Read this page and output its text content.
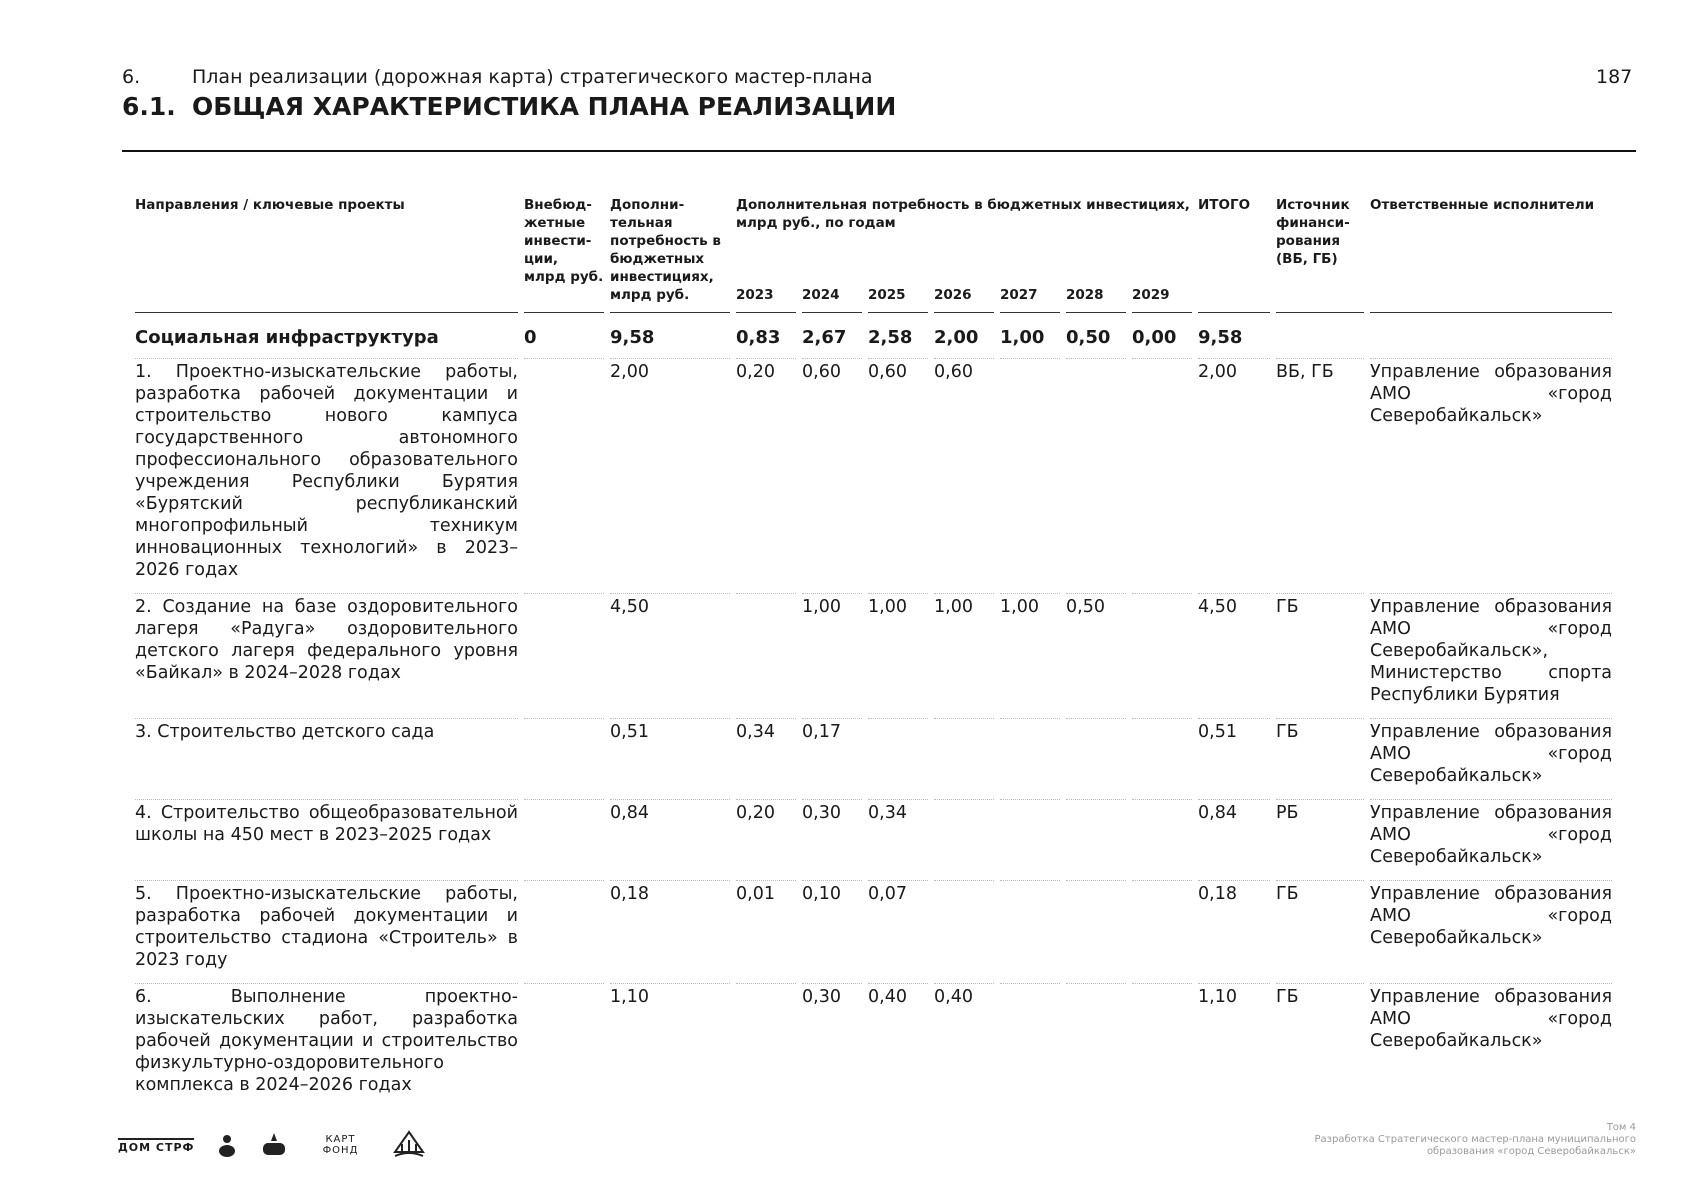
6.	План реализации (дорожная карта) стратегического мастер-плана
6.1. ОБЩАЯ ХАРАКТЕРИСТИКА ПЛАНА РЕАЛИЗАЦИИ
187
Направления / ключевые проекты	Внебюд-жетные инвести-ции, млрд руб.	Дополни-тельная потребность в бюджетных инвестициях, млрд руб.	Дополнительная потребность в бюджетных инвестициях, млрд руб., по годам							ИТОГО	Источник финанси-рования (ВБ, ГБ)	Ответственные исполнители
			2023	2024	2025	2026	2027	2028	2029			
Социальная инфраструктура	0	9,58	0,83	2,67	2,58	2,00	1,00	0,50	0,00	9,58		
1. Проектно-изыскательские работы, разработка рабочей документации и строительство нового кампуса государственного автономного профессионального образовательного учреждения Республики Бурятия «Бурятский республиканский многопрофильный техникум инновационных технологий» в 2023–2026 годах		2,00	0,20	0,60	0,60	0,60				2,00	ВБ, ГБ	Управление образования АМО «город Северобайкальск»
2. Создание на базе оздоровительного лагеря «Радуга» оздоровительного детского лагеря федерального уровня «Байкал» в 2024–2028 годах		4,50		1,00	1,00	1,00	1,00	0,50		4,50	ГБ	Управление образования АМО «город Северобайкальск», Министерство спорта Республики Бурятия
3. Строительство детского сада		0,51	0,34	0,17						0,51	ГБ	Управление образования АМО «город Северобайкальск»
4. Строительство общеобразовательной школы на 450 мест в 2023–2025 годах		0,84	0,20	0,30	0,34					0,84	РБ	Управление образования АМО «город Северобайкальск»
5. Проектно-изыскательские работы, разработка рабочей документации и строительство стадиона «Строитель» в 2023 году		0,18	0,01	0,10	0,07					0,18	ГБ	Управление образования АМО «город Северобайкальск»
6. Выполнение проектно-изыскательских работ, разработка рабочей документации и строительство физкультурно-оздоровительного комплекса в 2024–2026 годах		1,10		0,30	0,40	0,40				1,10	ГБ	Управление образования АМО «город Северобайкальск»
ДОМ СТРФ
КАРТ ФОНД
Том 4
Разработка Стратегического мастер-плана муниципального
образования «город Северобайкальск»
